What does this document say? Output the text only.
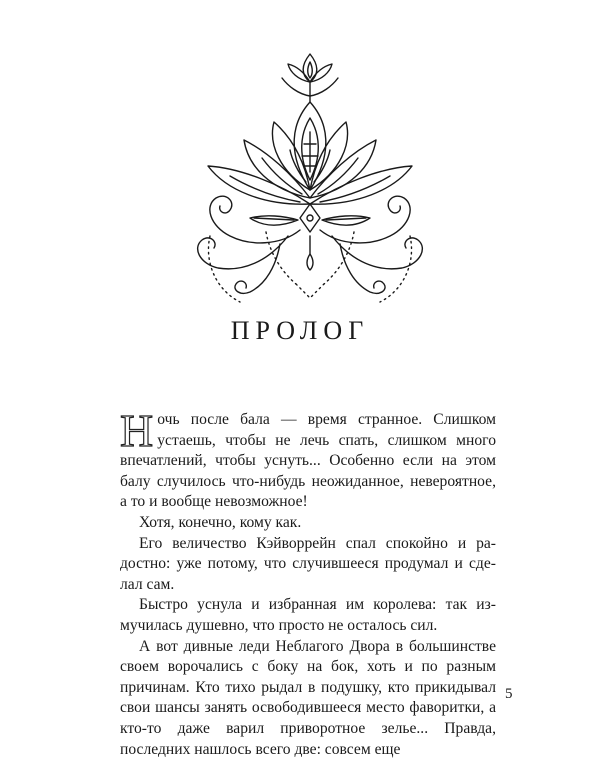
ПРОЛОГ

Ночь после бала — время странное. Слишком устаешь, чтобы не лечь спать, слишком много впечатлений, чтобы уснуть... Особенно если на этом балу случилось что-нибудь неожиданное, невероятное, а то и вообще невозможное!

Хотя, конечно, кому как.

Его величество Кэйворрейн спал спокойно и радостно: уже потому, что случившееся продумал и сделал сам.

Быстро уснула и избранная им королева: так измучилась душевно, что просто не осталось сил.

А вот дивные леди Неблагого Двора в большинстве своем ворочались с боку на бок, хоть и по разным причинам. Кто тихо рыдал в подушку, кто прикидывал свои шансы занять освободившееся место фаворитки, а кто-то даже варил приворотное зелье... Правда, последних нашлось всего две: совсем еще

5
